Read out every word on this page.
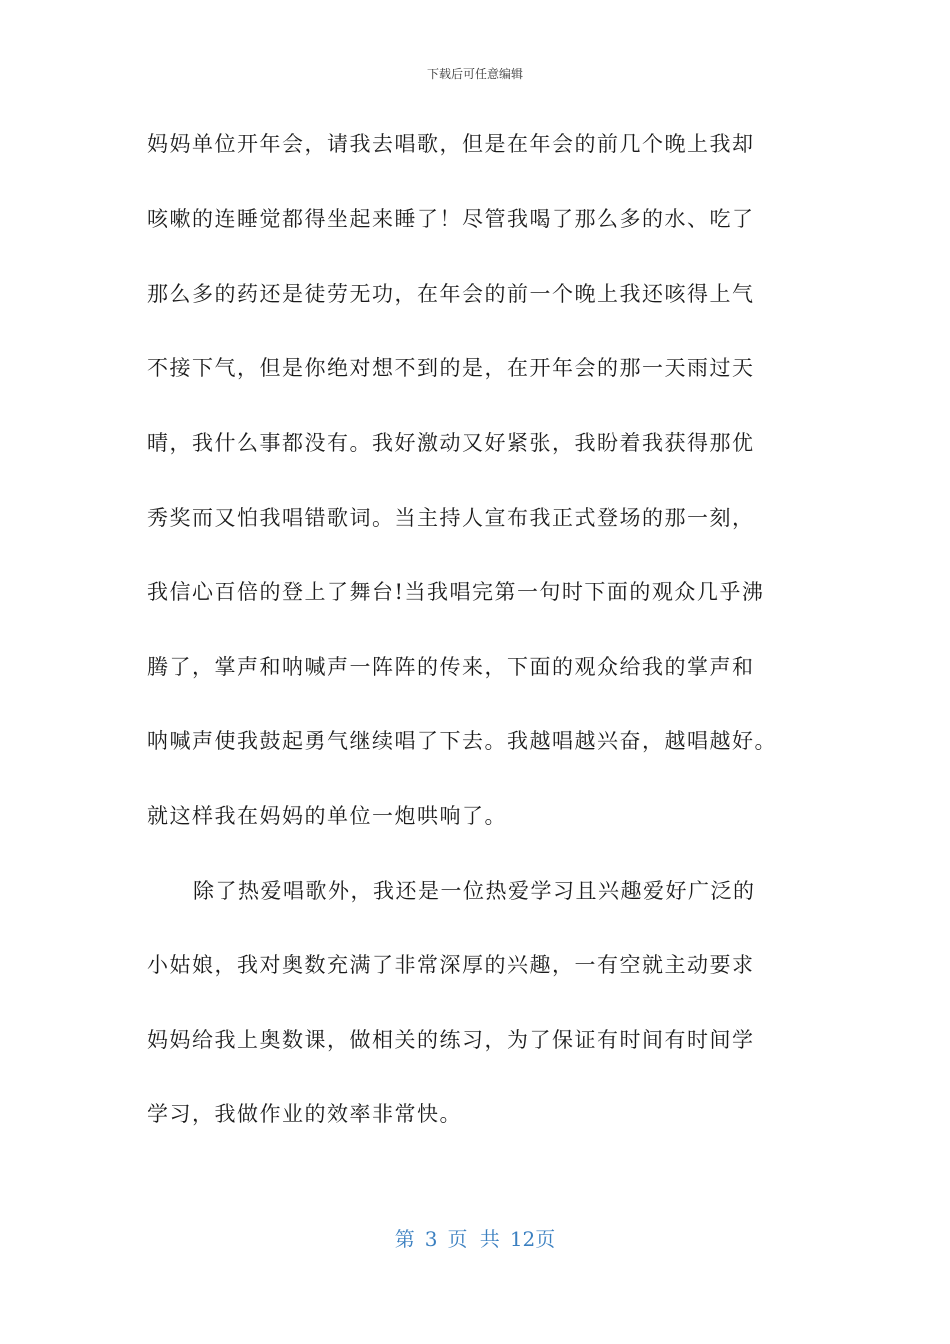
下载后可任意编辑
妈妈单位开年会，请我去唱歌，但是在年会的前几个晚上我却
咳嗽的连睡觉都得坐起来睡了！尽管我喝了那么多的水、吃了
那么多的药还是徒劳无功，在年会的前一个晚上我还咳得上气
不接下气，但是你绝对想不到的是，在开年会的那一天雨过天
晴，我什么事都没有。我好激动又好紧张，我盼着我获得那优
秀奖而又怕我唱错歌词。当主持人宣布我正式登场的那一刻，
我信心百倍的登上了舞台!当我唱完第一句时下面的观众几乎沸
腾了，掌声和呐喊声一阵阵的传来，下面的观众给我的掌声和
呐喊声使我鼓起勇气继续唱了下去。我越唱越兴奋，越唱越好。
就这样我在妈妈的单位一炮哄响了。
除了热爱唱歌外，我还是一位热爱学习且兴趣爱好广泛的
小姑娘，我对奥数充满了非常深厚的兴趣，一有空就主动要求
妈妈给我上奥数课，做相关的练习，为了保证有时间有时间学
学习，我做作业的效率非常快。
第 3 页 共 12页
